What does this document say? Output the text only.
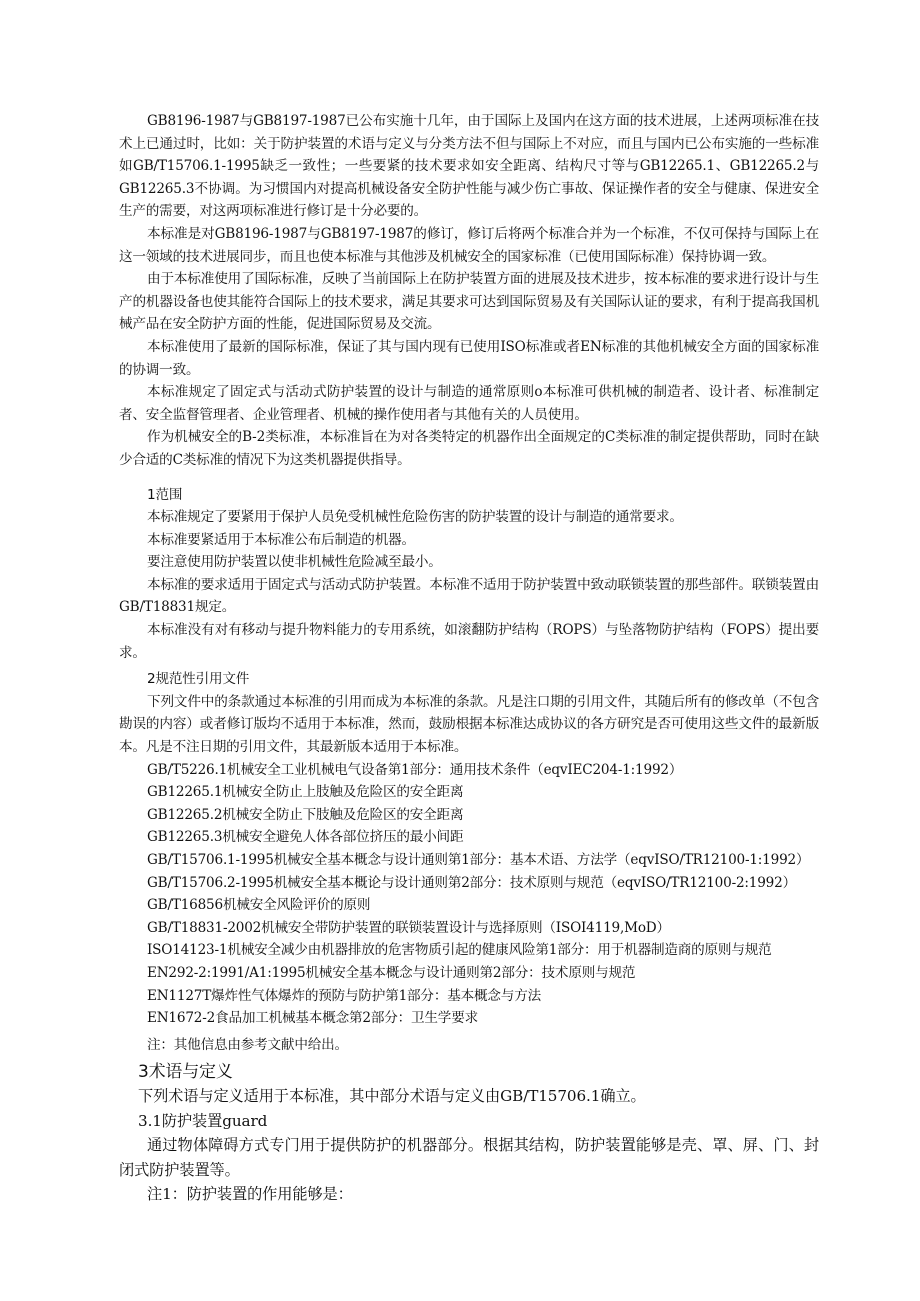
GB8196-1987与GB8197-1987已公布实施十几年，由于国际上及国内在这方面的技术进展，上述两项标准在技术上已通过时，比如：关于防护装置的术语与定义与分类方法不但与国际上不对应，而且与国内已公布实施的一些标准如GB/T15706.1-1995缺乏一致性；一些要紧的技术要求如安全距离、结构尺寸等与GB12265.1、GB12265.2与GB12265.3不协调。为习惯国内对提高机械设备安全防护性能与减少伤亡事故、保证操作者的安全与健康、保进安全生产的需要，对这两项标准进行修订是十分必要的。

本标准是对GB8196-1987与GB8197-1987的修订，修订后将两个标准合并为一个标准，不仅可保持与国际上在这一领域的技术进展同步，而且也使本标准与其他涉及机械安全的国家标准（已使用国际标准）保持协调一致。

由于本标准使用了国际标准，反映了当前国际上在防护装置方面的进展及技术进步，按本标准的要求进行设计与生产的机器设备也使其能符合国际上的技术要求，满足其要求可达到国际贸易及有关国际认证的要求，有利于提高我国机械产品在安全防护方面的性能，促进国际贸易及交流。

本标准使用了最新的国际标准，保证了其与国内现有已使用ISO标准或者EN标准的其他机械安全方面的国家标准的协调一致。

本标准规定了固定式与活动式防护装置的设计与制造的通常原则o本标准可供机械的制造者、设计者、标准制定者、安全监督管理者、企业管理者、机械的操作使用者与其他有关的人员使用。

作为机械安全的B-2类标准，本标准旨在为对各类特定的机器作出全面规定的C类标准的制定提供帮助，同时在缺少合适的C类标准的情况下为这类机器提供指导。

1范围

本标准规定了要紧用于保护人员免受机械性危险伤害的防护装置的设计与制造的通常要求。

本标准要紧适用于本标准公布后制造的机器。

要注意使用防护装置以使非机械性危险减至最小。

本标准的要求适用于固定式与活动式防护装置。本标准不适用于防护装置中致动联锁装置的那些部件。联锁装置由GB/T18831规定。

本标准没有对有移动与提升物料能力的专用系统，如滚翻防护结构（ROPS）与坠落物防护结构（FOPS）提出要求。

2规范性引用文件

下列文件中的条款通过本标准的引用而成为本标准的条款。凡是注口期的引用文件，其随后所有的修改单（不包含勘误的内容）或者修订版均不适用于本标准，然而，鼓励根据本标准达成协议的各方研究是否可使用这些文件的最新版本。凡是不注日期的引用文件，其最新版本适用于本标准。

GB/T5226.1机械安全工业机械电气设备第1部分：通用技术条件（eqvIEC204-1:1992）

GB12265.1机械安全防止上肢触及危险区的安全距离

GB12265.2机械安全防止下肢触及危险区的安全距离

GB12265.3机械安全避免人体各部位挤压的最小间距

GB/T15706.1-1995机械安全基本概念与设计通则第1部分：基本术语、方法学（eqvISO/TR12100-1:1992）

GB/T15706.2-1995机械安全基本概论与设计通则第2部分：技术原则与规范（eqvISO/TR12100-2:1992）

GB/T16856机械安全风险评价的原则

GB/T18831-2002机械安全带防护装置的联锁装置设计与选择原则（ISOI4119,MoD）

ISO14123-1机械安全减少由机器排放的危害物质引起的健康风险第1部分：用于机器制造商的原则与规范

EN292-2:1991/A1:1995机械安全基本概念与设计通则第2部分：技术原则与规范

EN1127T爆炸性气体爆炸的预防与防护第1部分：基本概念与方法

EN1672-2食品加工机械基本概念第2部分：卫生学要求

注：其他信息由参考文献中给出。

3术语与定义

下列术语与定义适用于本标准，其中部分术语与定义由GB/T15706.1确立。

3.1防护装置guard

通过物体障碍方式专门用于提供防护的机器部分。根据其结构，防护装置能够是壳、罩、屏、门、封闭式防护装置等。

注1：防护装置的作用能够是：
